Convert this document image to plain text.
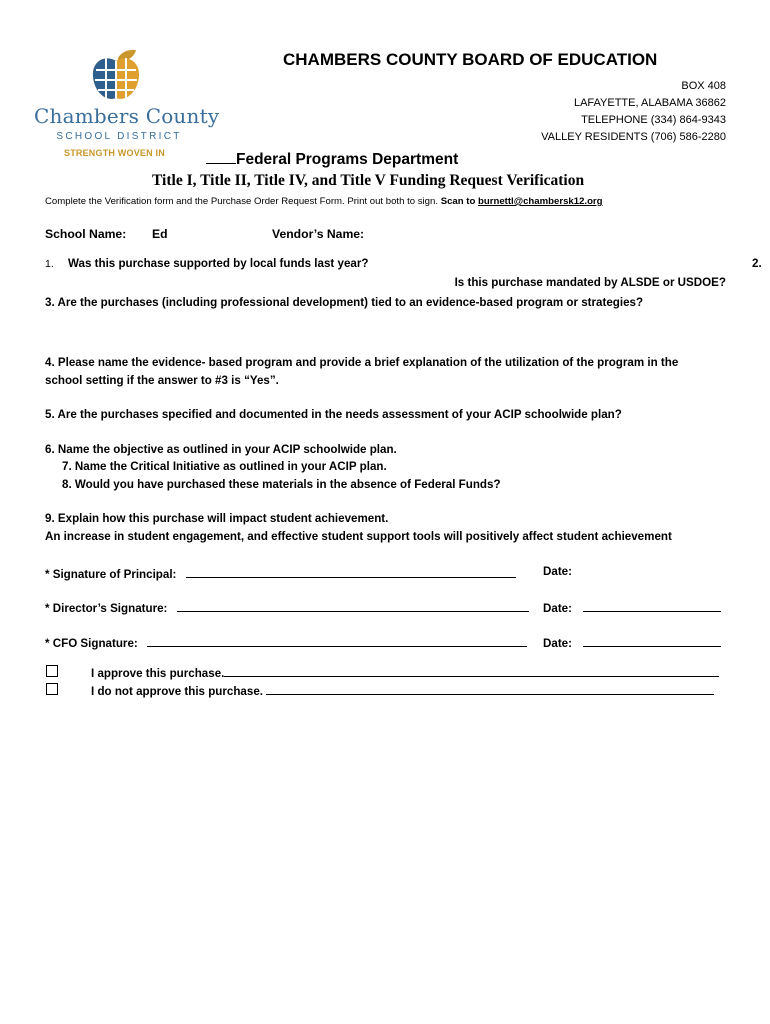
Chambers County
SCHOOL DISTRICT
STRENGTH WOVEN IN
CHAMBERS COUNTY BOARD OF EDUCATION
BOX 408
LAFAYETTE, ALABAMA 36862
TELEPHONE (334) 864-9343
VALLEY RESIDENTS (706) 586-2280
Federal Programs Department
Title I, Title II, Title IV, and Title V Funding Request Verification
Complete the Verification form and the Purchase Order Request Form. Print out both to sign. Scan to burnettl@chambersk12.org
School Name: Ed	Vendor’s Name:
1. Was this purchase supported by local funds last year?	2.
Is this purchase mandated by ALSDE or USDOE?
3. Are the purchases (including professional development) tied to an evidence-based program or strategies?
4. Please name the evidence- based program and provide a brief explanation of the utilization of the program in the
school setting if the answer to #3 is “Yes”.
5. Are the purchases specified and documented in the needs assessment of your ACIP schoolwide plan?
6. Name the objective as outlined in your ACIP schoolwide plan.
7. Name the Critical Initiative as outlined in your ACIP plan.
8. Would you have purchased these materials in the absence of Federal Funds?
9. Explain how this purchase will impact student achievement.
An increase in student engagement, and effective student support tools will positively affect student achievement
* Signature of Principal:	Date:
* Director’s Signature:	Date:
* CFO Signature:	Date:
I approve this purchase.
I do not approve this purchase.
